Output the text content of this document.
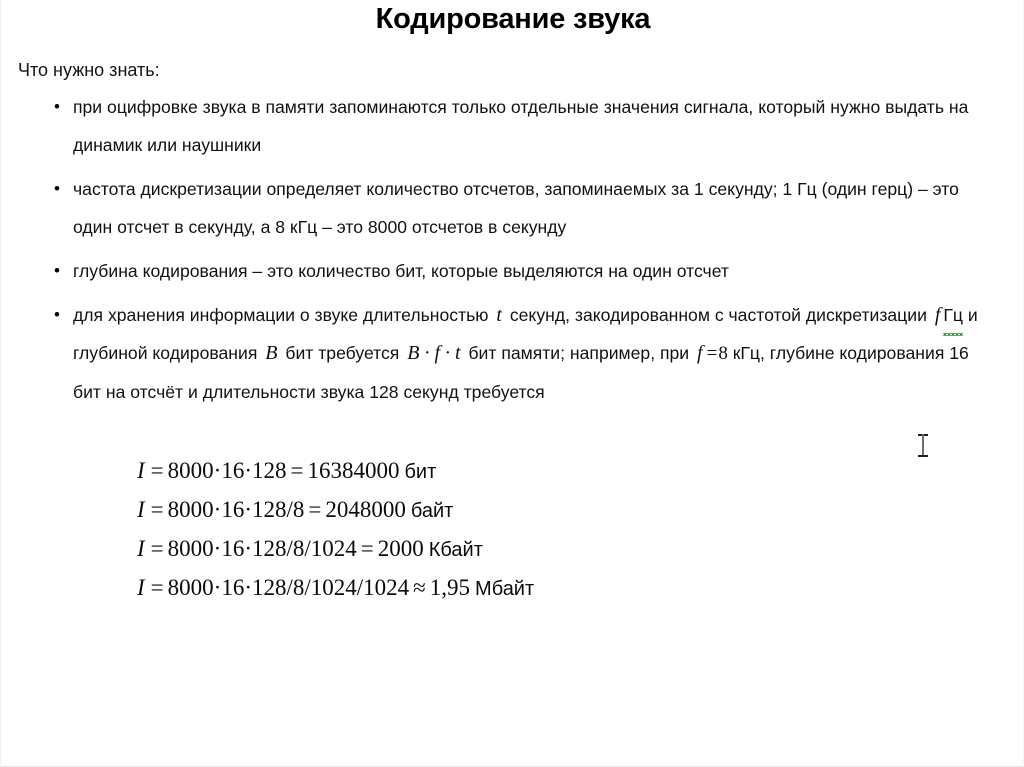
Кодирование звука
Что нужно знать:
• при оцифровке звука в памяти запоминаются только отдельные значения сигнала, который нужно выдать на динамик или наушники
• частота дискретизации определяет количество отсчетов, запоминаемых за 1 секунду; 1 Гц (один герц) – это один отсчет в секунду, а 8 кГц – это 8000 отсчетов в секунду
• глубина кодирования – это количество бит, которые выделяются на один отсчет
• для хранения информации о звуке длительностью t секунд, закодированном с частотой дискретизации f Гц и глубиной кодирования B бит требуется B · f · t бит памяти; например, при f =8 кГц, глубине кодирования 16 бит на отсчёт и длительности звука 128 секунд требуется
I = 8000·16·128 = 16384000 бит
I = 8000·16·128/8 = 2048000 байт
I = 8000·16·128/8/1024 = 2000 Кбайт
I = 8000·16·128/8/1024/1024 ≈ 1,95 Мбайт
